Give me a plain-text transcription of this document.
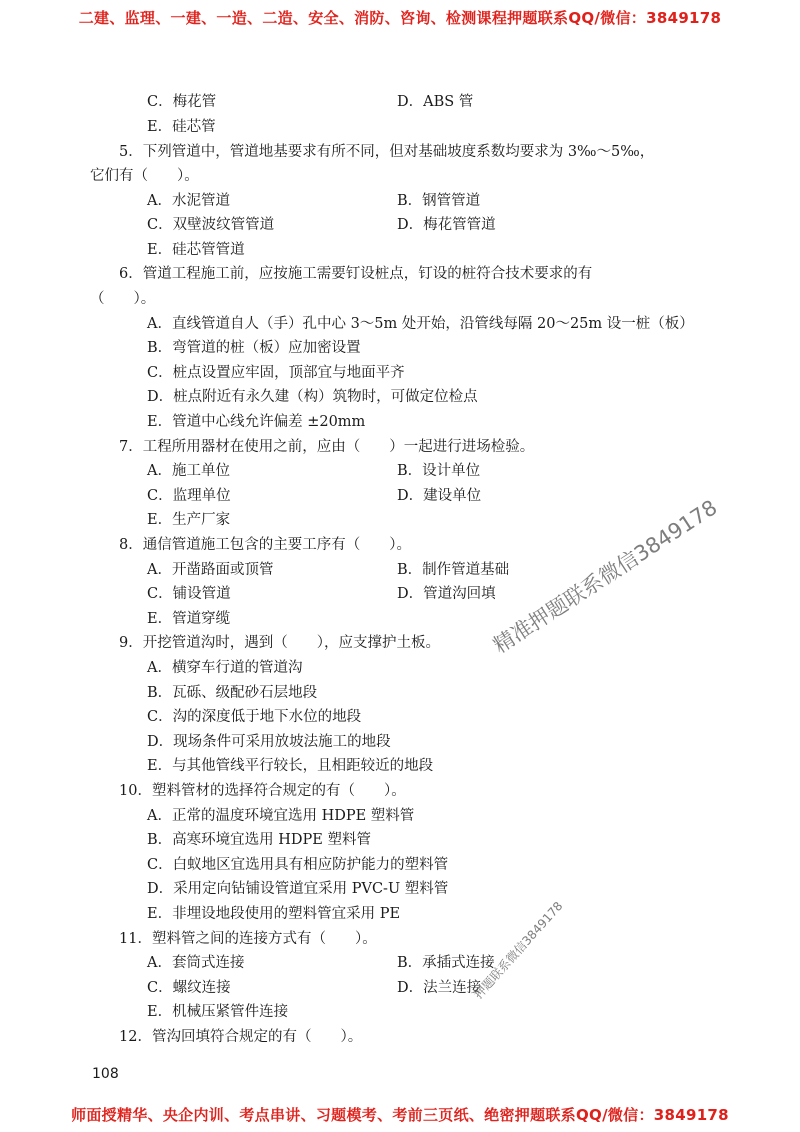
二建、监理、一建、一造、二造、安全、消防、咨询、检测课程押题联系QQ/微信：3849178
C．梅花管	D．ABS 管
E．硅芯管
5．下列管道中，管道地基要求有所不同，但对基础坡度系数均要求为 3‰～5‰，
它们有（　　）。
A．水泥管道	B．钢管管道
C．双壁波纹管管道	D．梅花管管道
E．硅芯管管道
6．管道工程施工前，应按施工需要钉设桩点，钉设的桩符合技术要求的有
（　　）。
A．直线管道自人（手）孔中心 3～5m 处开始，沿管线每隔 20～25m 设一桩（板）
B．弯管道的桩（板）应加密设置
C．桩点设置应牢固，顶部宜与地面平齐
D．桩点附近有永久建（构）筑物时，可做定位检点
E．管道中心线允许偏差 ±20mm
7．工程所用器材在使用之前，应由（　　）一起进行进场检验。
A．施工单位	B．设计单位
C．监理单位	D．建设单位
E．生产厂家
8．通信管道施工包含的主要工序有（　　）。
A．开凿路面或顶管	B．制作管道基础
C．铺设管道	D．管道沟回填
E．管道穿缆
9．开挖管道沟时，遇到（　　），应支撑护土板。
A．横穿车行道的管道沟
B．瓦砾、级配砂石层地段
C．沟的深度低于地下水位的地段
D．现场条件可采用放坡法施工的地段
E．与其他管线平行较长，且相距较近的地段
10．塑料管材的选择符合规定的有（　　）。
A．正常的温度环境宜选用 HDPE 塑料管
B．高寒环境宜选用 HDPE 塑料管
C．白蚁地区宜选用具有相应防护能力的塑料管
D．采用定向钻铺设管道宜采用 PVC-U 塑料管
E．非埋设地段使用的塑料管宜采用 PE
11．塑料管之间的连接方式有（　　）。
A．套筒式连接	B．承插式连接
C．螺纹连接	D．法兰连接
E．机械压紧管件连接
12．管沟回填符合规定的有（　　）。
精准押题联系微信3849178
押题联系微信3849178
108
师面授精华、央企内训、考点串讲、习题模考、考前三页纸、绝密押题联系QQ/微信：3849178
